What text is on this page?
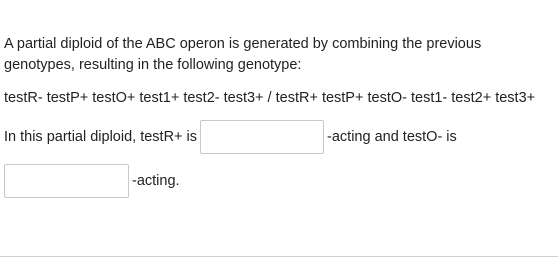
A partial diploid of the ABC operon is generated by combining the previous genotypes, resulting in the following genotype:

testR- testP+ testO+ test1+ test2- test3+ / testR+ testP+ testO- test1- test2+ test3+

In this partial diploid, testR+ is	-acting and testO- is
-acting.
